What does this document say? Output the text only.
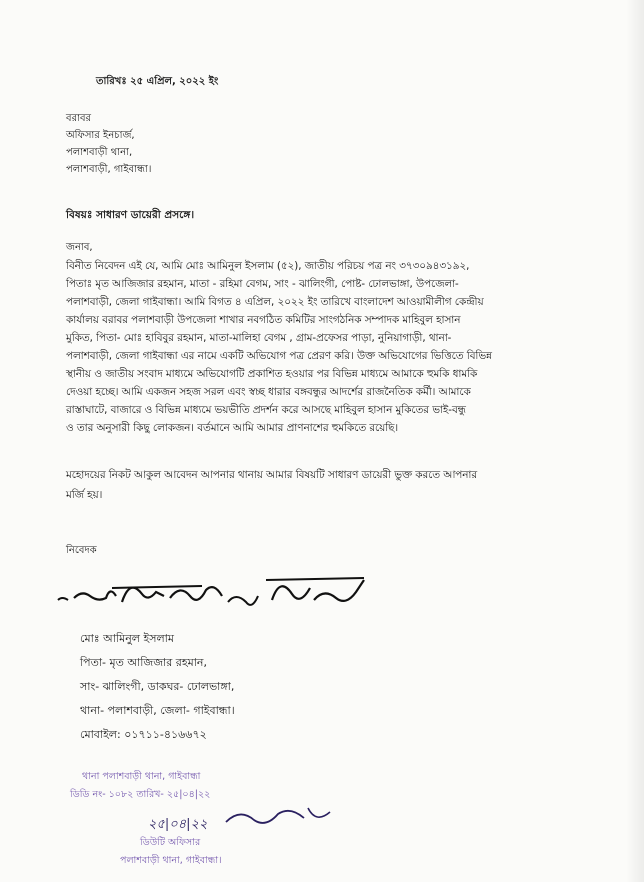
তারিখঃ ২৫ এপ্রিল, ২০২২ ইং
বরাবর
অফিসার ইনচার্জ,
পলাশবাড়ী থানা,
পলাশবাড়ী, গাইবান্ধা।
বিষয়ঃ সাধারণ ডায়েরী প্রসঙ্গে।
জনাব,
বিনীত নিবেদন এই যে, আমি মোঃ আমিনুল ইসলাম (৫২), জাতীয় পরিচয় পত্র নং ৩৭৩০৯৪৩১৯২,
পিতাঃ মৃত আজিজার রহমান, মাতা - রহিমা বেগম, সাং - ঝালিংগী, পোষ্ট- ঢোলভাঙ্গা, উপজেলা-
পলাশবাড়ী, জেলা গাইবান্ধা। আমি বিগত ৪ এপ্রিল, ২০২২ ইং তারিখে বাংলাদেশ আওয়ামীলীগ কেন্দ্রীয়
কার্যালয় বরাবর পলাশবাড়ী উপজেলা শাখার নবগঠিত কমিটির সাংগঠনিক সম্পাদক মাহিবুল হাসান
মুকিত, পিতা- মোঃ হাবিবুর রহমান, মাতা-মালিহা বেগম , গ্রাম-প্রফেসর পাড়া, নুনিয়াগাড়ী, থানা-
পলাশবাড়ী, জেলা গাইবান্ধা এর নামে একটি অভিযোগ পত্র প্রেরণ করি। উক্ত অভিযোগের ভিত্তিতে বিভিন্ন
স্থানীয় ও জাতীয় সংবাদ মাধ্যমে অভিযোগটি প্রকাশিত হওয়ার পর বিভিন্ন মাধ্যমে আমাকে হুমকি ধামকি
দেওয়া হচ্ছে। আমি একজন সহজ সরল এবং স্বচ্ছ ধারার বঙ্গবন্ধুর আদর্শের রাজনৈতিক কর্মী। আমাকে
রাস্তাঘাটে, বাজারে ও বিভিন্ন মাধ্যমে ভয়ভীতি প্রদর্শন করে আসছে মাহিবুল হাসান মুকিতের ভাই-বন্ধু
ও তার অনুসারী কিছু লোকজন। বর্তমানে আমি আমার প্রাণনাশের হুমকিতে রয়েছি।
মহোদয়ের নিকট আকুল আবেদন আপনার থানায় আমার বিষয়টি সাধারণ ডায়েরী ভুক্ত করতে আপনার
মর্জি হয়।
নিবেদক
মোঃ আমিনুল ইসলাম
পিতা- মৃত আজিজার রহমান,
সাং- ঝালিংগী, ডাকঘর- ঢোলভাঙ্গা,
থানা- পলাশবাড়ী, জেলা- গাইবান্ধা।
মোবাইল: ০১৭১১-৪১৬৬৭২
থানা পলাশবাড়ী থানা, গাইবান্ধা
ডিডি নং- ১০৮২ তারিখ- ২৫|০৪|২২
২৫|০৪|২২
ডিউটি অফিসার
পলাশবাড়ী থানা, গাইবান্ধা।
